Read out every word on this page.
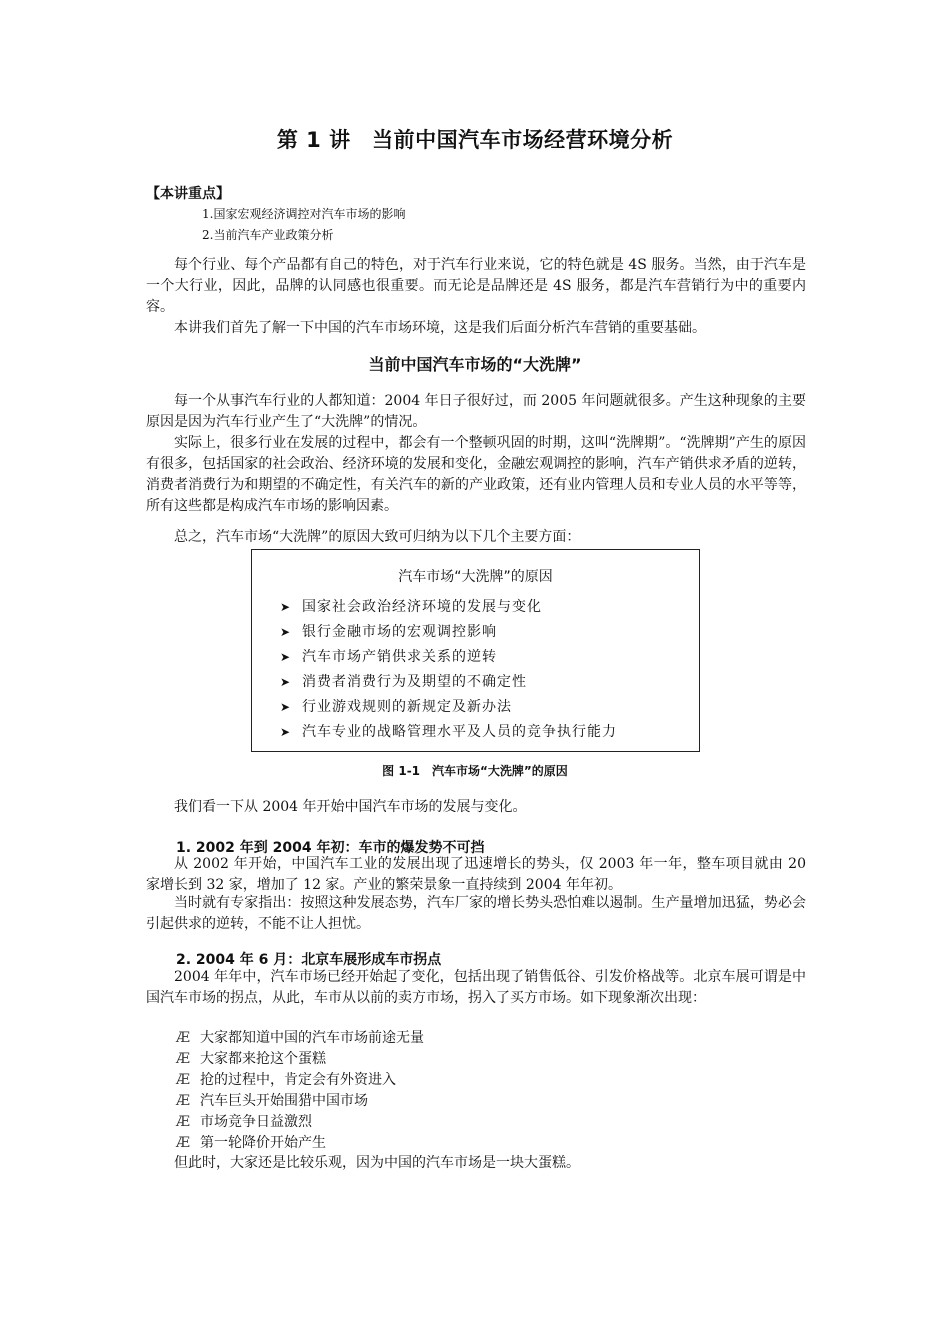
第 1 讲　当前中国汽车市场经营环境分析
【本讲重点】
1.国家宏观经济调控对汽车市场的影响
2.当前汽车产业政策分析

每个行业、每个产品都有自己的特色，对于汽车行业来说，它的特色就是 4S 服务。当然，由于汽车是一个大行业，因此，品牌的认同感也很重要。而无论是品牌还是 4S 服务，都是汽车营销行为中的重要内容。

本讲我们首先了解一下中国的汽车市场环境，这是我们后面分析汽车营销的重要基础。

当前中国汽车市场的“大洗牌”

每一个从事汽车行业的人都知道：2004 年日子很好过，而 2005 年问题就很多。产生这种现象的主要原因是因为汽车行业产生了“大洗牌”的情况。

实际上，很多行业在发展的过程中，都会有一个整顿巩固的时期，这叫“洗牌期”。“洗牌期”产生的原因有很多，包括国家的社会政治、经济环境的发展和变化，金融宏观调控的影响，汽车产销供求矛盾的逆转，消费者消费行为和期望的不确定性，有关汽车的新的产业政策，还有业内管理人员和专业人员的水平等等，所有这些都是构成汽车市场的影响因素。

总之，汽车市场“大洗牌”的原因大致可归纳为以下几个主要方面：

汽车市场“大洗牌”的原因
➤ 国家社会政治经济环境的发展与变化
➤ 银行金融市场的宏观调控影响
➤ 汽车市场产销供求关系的逆转
➤ 消费者消费行为及期望的不确定性
➤ 行业游戏规则的新规定及新办法
➤ 汽车专业的战略管理水平及人员的竞争执行能力
图 1-1　汽车市场“大洗牌”的原因

我们看一下从 2004 年开始中国汽车市场的发展与变化。

1. 2002 年到 2004 年初：车市的爆发势不可挡

从 2002 年开始，中国汽车工业的发展出现了迅速增长的势头，仅 2003 年一年，整车项目就由 20 家增长到 32 家，增加了 12 家。产业的繁荣景象一直持续到 2004 年年初。

当时就有专家指出：按照这种发展态势，汽车厂家的增长势头恐怕难以遏制。生产量增加迅猛，势必会引起供求的逆转，不能不让人担忧。

2. 2004 年 6 月：北京车展形成车市拐点

2004 年年中，汽车市场已经开始起了变化，包括出现了销售低谷、引发价格战等。北京车展可谓是中国汽车市场的拐点，从此，车市从以前的卖方市场，拐入了买方市场。如下现象渐次出现：

Æ 大家都知道中国的汽车市场前途无量
Æ 大家都来抢这个蛋糕
Æ 抢的过程中，肯定会有外资进入
Æ 汽车巨头开始围猎中国市场
Æ 市场竞争日益激烈
Æ 第一轮降价开始产生

但此时，大家还是比较乐观，因为中国的汽车市场是一块大蛋糕。
